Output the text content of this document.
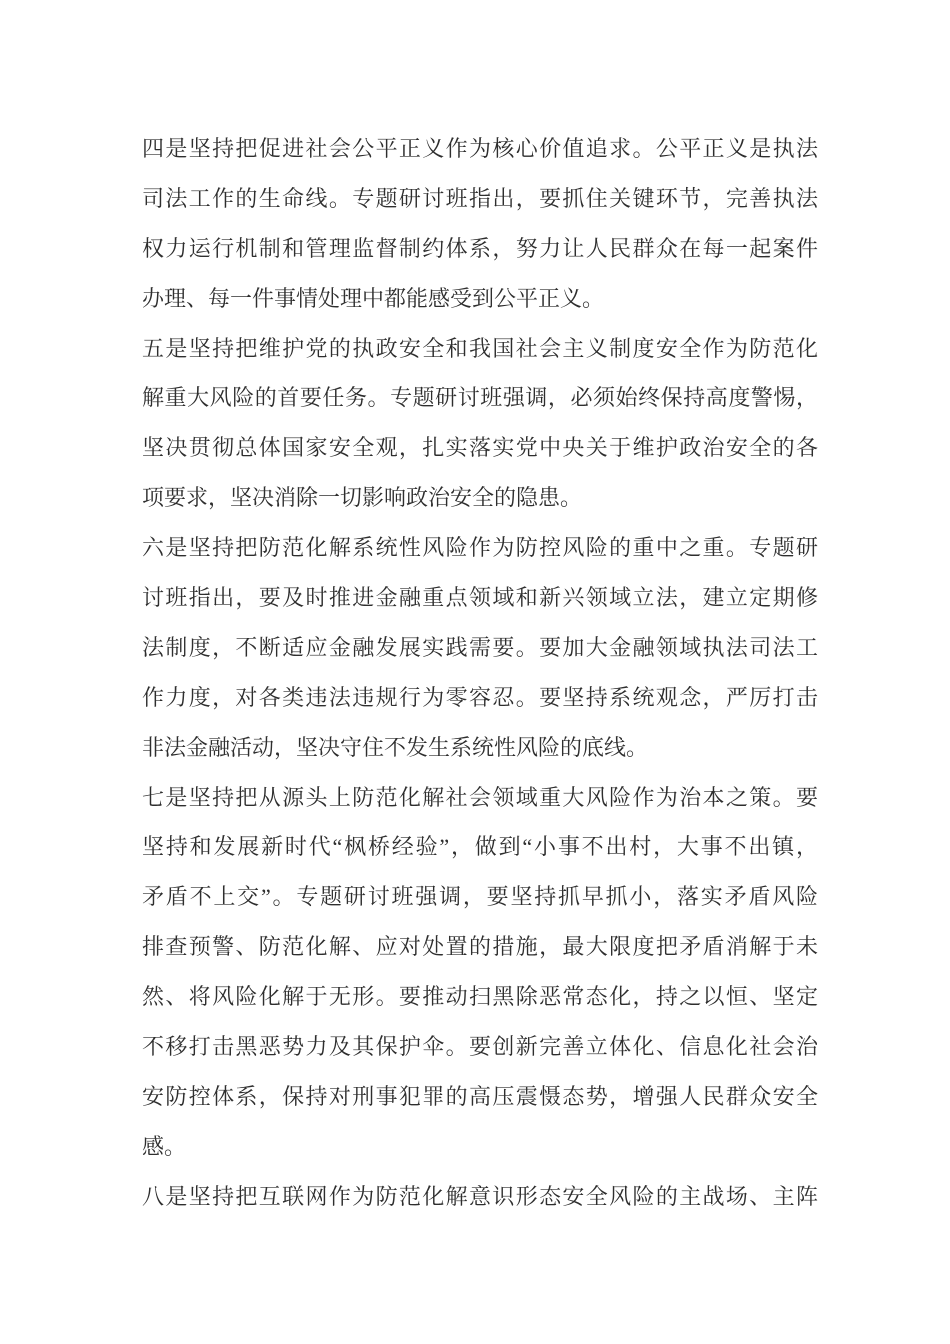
四是坚持把促进社会公平正义作为核心价值追求。公平正义是执法
司法工作的生命线。专题研讨班指出，要抓住关键环节，完善执法
权力运行机制和管理监督制约体系，努力让人民群众在每一起案件
办理、每一件事情处理中都能感受到公平正义。

五是坚持把维护党的执政安全和我国社会主义制度安全作为防范化
解重大风险的首要任务。专题研讨班强调，必须始终保持高度警惕，
坚决贯彻总体国家安全观，扎实落实党中央关于维护政治安全的各
项要求，坚决消除一切影响政治安全的隐患。

六是坚持把防范化解系统性风险作为防控风险的重中之重。专题研
讨班指出，要及时推进金融重点领域和新兴领域立法，建立定期修
法制度，不断适应金融发展实践需要。要加大金融领域执法司法工
作力度，对各类违法违规行为零容忍。要坚持系统观念，严厉打击
非法金融活动，坚决守住不发生系统性风险的底线。

七是坚持把从源头上防范化解社会领域重大风险作为治本之策。要
坚持和发展新时代“枫桥经验”，做到“小事不出村，大事不出镇，
矛盾不上交”。专题研讨班强调，要坚持抓早抓小，落实矛盾风险
排查预警、防范化解、应对处置的措施，最大限度把矛盾消解于未
然、将风险化解于无形。要推动扫黑除恶常态化，持之以恒、坚定
不移打击黑恶势力及其保护伞。要创新完善立体化、信息化社会治
安防控体系，保持对刑事犯罪的高压震慑态势，增强人民群众安全
感。

八是坚持把互联网作为防范化解意识形态安全风险的主战场、主阵
